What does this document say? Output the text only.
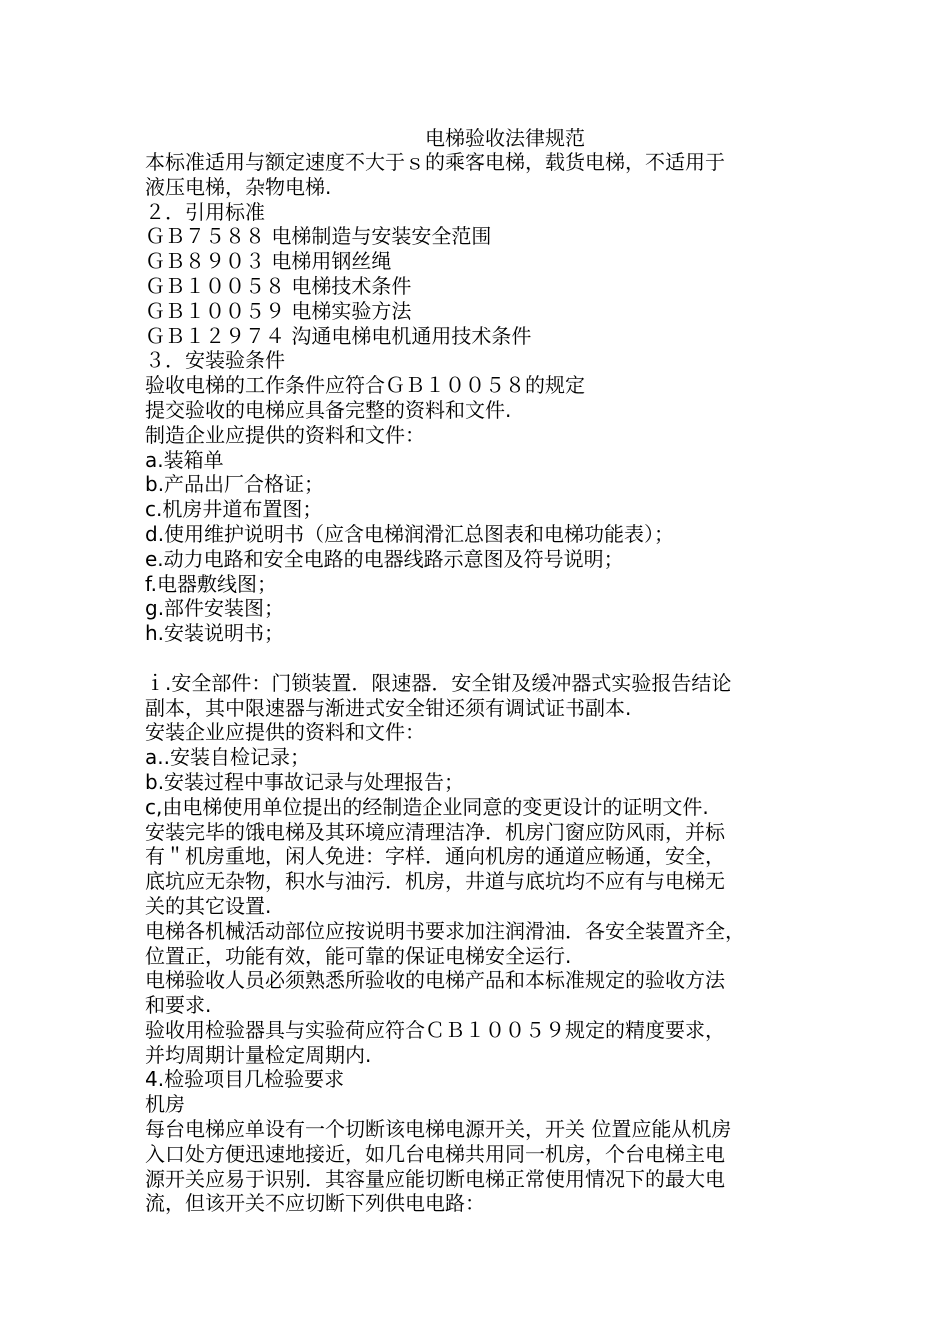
电梯验收法律规范
本标准适用与额定速度不大于ｓ的乘客电梯，载货电梯，不适用于
液压电梯，杂物电梯.
２．引用标准
ＧＢ７５８８ 电梯制造与安装安全范围
ＧＢ８９０３ 电梯用钢丝绳
ＧＢ１００５８ 电梯技术条件
ＧＢ１００５９ 电梯实验方法
ＧＢ１２９７４ 沟通电梯电机通用技术条件
３．安装验条件
验收电梯的工作条件应符合ＧＢ１００５８的规定
提交验收的电梯应具备完整的资料和文件.
制造企业应提供的资料和文件：
a.装箱单
b.产品出厂合格证；
c.机房井道布置图；
d.使用维护说明书（应含电梯润滑汇总图表和电梯功能表）；
e.动力电路和安全电路的电器线路示意图及符号说明；
f.电器敷线图；
g.部件安装图；
h.安装说明书；
ｉ.安全部件：门锁装置．限速器．安全钳及缓冲器式实验报告结论
副本，其中限速器与渐进式安全钳还须有调试证书副本.
安装企业应提供的资料和文件：
a..安装自检记录；
b.安装过程中事故记录与处理报告；
c,由电梯使用单位提出的经制造企业同意的变更设计的证明文件.
安装完毕的饿电梯及其环境应清理洁净．机房门窗应防风雨，并标
有＂机房重地，闲人免进：字样．通向机房的通道应畅通，安全，
底坑应无杂物，积水与油污．机房，井道与底坑均不应有与电梯无
关的其它设置.
电梯各机械活动部位应按说明书要求加注润滑油．各安全装置齐全，
位置正，功能有效，能可靠的保证电梯安全运行.
电梯验收人员必须熟悉所验收的电梯产品和本标准规定的验收方法
和要求.
验收用检验器具与实验荷应符合ＣＢ１００５９规定的精度要求，
并均周期计量检定周期内.
4.检验项目几检验要求
机房
每台电梯应单设有一个切断该电梯电源开关，开关 位置应能从机房
入口处方便迅速地接近，如几台电梯共用同一机房，个台电梯主电
源开关应易于识别．其容量应能切断电梯正常使用情况下的最大电
流，但该开关不应切断下列供电电路：
